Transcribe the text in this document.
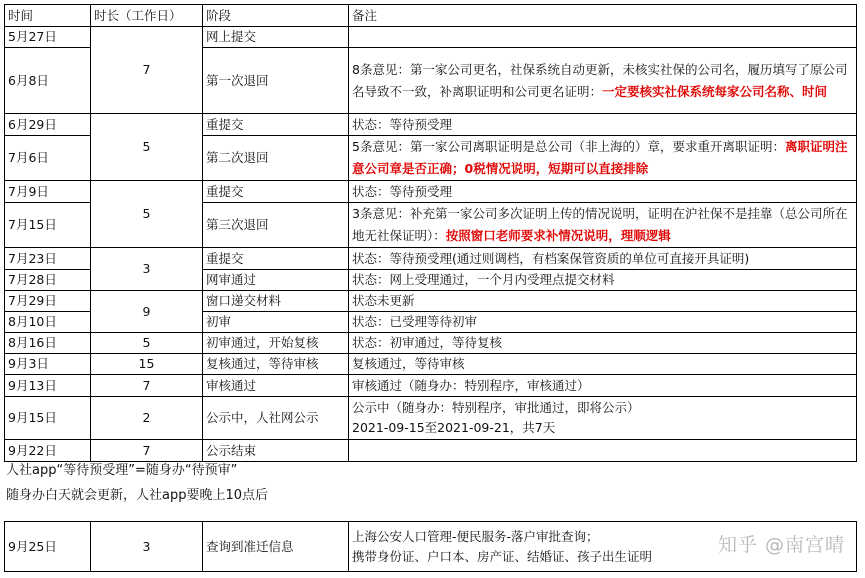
时间	时长（工作日）	阶段	备注
5月27日	7	网上提交	
6月8日		第一次退回	8条意见：第一家公司更名，社保系统自动更新，未核实社保的公司名，履历填写了原公司名导致不一致，补离职证明和公司更名证明：一定要核实社保系统每家公司名称、时间
6月29日	5	重提交	状态：等待预受理
7月6日		第二次退回	5条意见：第一家公司离职证明是总公司（非上海的）章，要求重开离职证明：离职证明注意公司章是否正确；0税情况说明，短期可以直接排除
7月9日	5	重提交	状态：等待预受理
7月15日		第三次退回	3条意见：补充第一家公司多次证明上传的情况说明，证明在沪社保不是挂靠（总公司所在地无社保证明）：按照窗口老师要求补情况说明，理顺逻辑
7月23日	3	重提交	状态：等待预受理(通过则调档，有档案保管资质的单位可直接开具证明)
7月28日		网审通过	状态：网上受理通过，一个月内受理点提交材料
7月29日	9	窗口递交材料	状态未更新
8月10日		初审	状态：已受理等待初审
8月16日	5	初审通过，开始复核	状态：初审通过，等待复核
9月3日	15	复核通过，等待审核	复核通过，等待审核
9月13日	7	审核通过	审核通过（随身办：特别程序，审核通过）
9月15日	2	公示中，人社网公示	公示中（随身办：特别程序，审批通过，即将公示）
2021-09-15至2021-09-21，共7天

9月22日	7	公示结束	
人社app“等待预受理”=随身办“待预审”
随身办白天就会更新，人社app要晚上10点后
9月25日	3	查询到准迁信息	
上海公安人口管理-便民服务-落户审批查询；
携带身份证、户口本、房产证、结婚证、孩子出生证明	知乎 @南宫晴
